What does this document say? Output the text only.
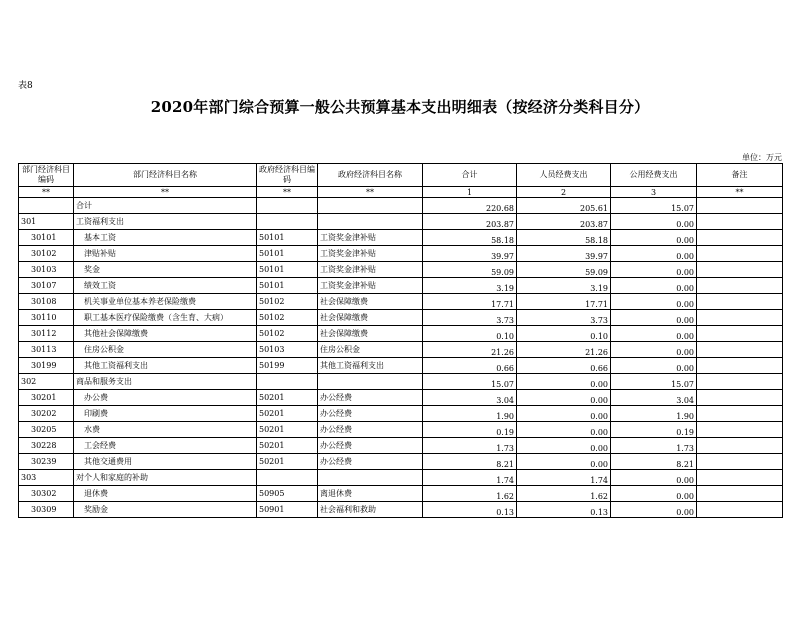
表8
2020年部门综合预算一般公共预算基本支出明细表（按经济分类科目分）
单位：万元
部门经济科目编码	部门经济科目名称	政府经济科目编码	政府经济科目名称	合计	人员经费支出	公用经费支出	备注
**	**	**	**	1	2	3	**
	合计			220.68	205.61	15.07	
301	工资福利支出			203.87	203.87	0.00	
30101	基本工资	50101	工资奖金津补贴	58.18	58.18	0.00	
30102	津贴补贴	50101	工资奖金津补贴	39.97	39.97	0.00	
30103	奖金	50101	工资奖金津补贴	59.09	59.09	0.00	
30107	绩效工资	50101	工资奖金津补贴	3.19	3.19	0.00	
30108	机关事业单位基本养老保险缴费	50102	社会保障缴费	17.71	17.71	0.00	
30110	职工基本医疗保险缴费（含生育、大病）	50102	社会保障缴费	3.73	3.73	0.00	
30112	其他社会保障缴费	50102	社会保障缴费	0.10	0.10	0.00	
30113	住房公积金	50103	住房公积金	21.26	21.26	0.00	
30199	其他工资福利支出	50199	其他工资福利支出	0.66	0.66	0.00	
302	商品和服务支出			15.07	0.00	15.07	
30201	办公费	50201	办公经费	3.04	0.00	3.04	
30202	印刷费	50201	办公经费	1.90	0.00	1.90	
30205	水费	50201	办公经费	0.19	0.00	0.19	
30228	工会经费	50201	办公经费	1.73	0.00	1.73	
30239	其他交通费用	50201	办公经费	8.21	0.00	8.21	
303	对个人和家庭的补助			1.74	1.74	0.00	
30302	退休费	50905	离退休费	1.62	1.62	0.00	
30309	奖励金	50901	社会福利和救助	0.13	0.13	0.00	
